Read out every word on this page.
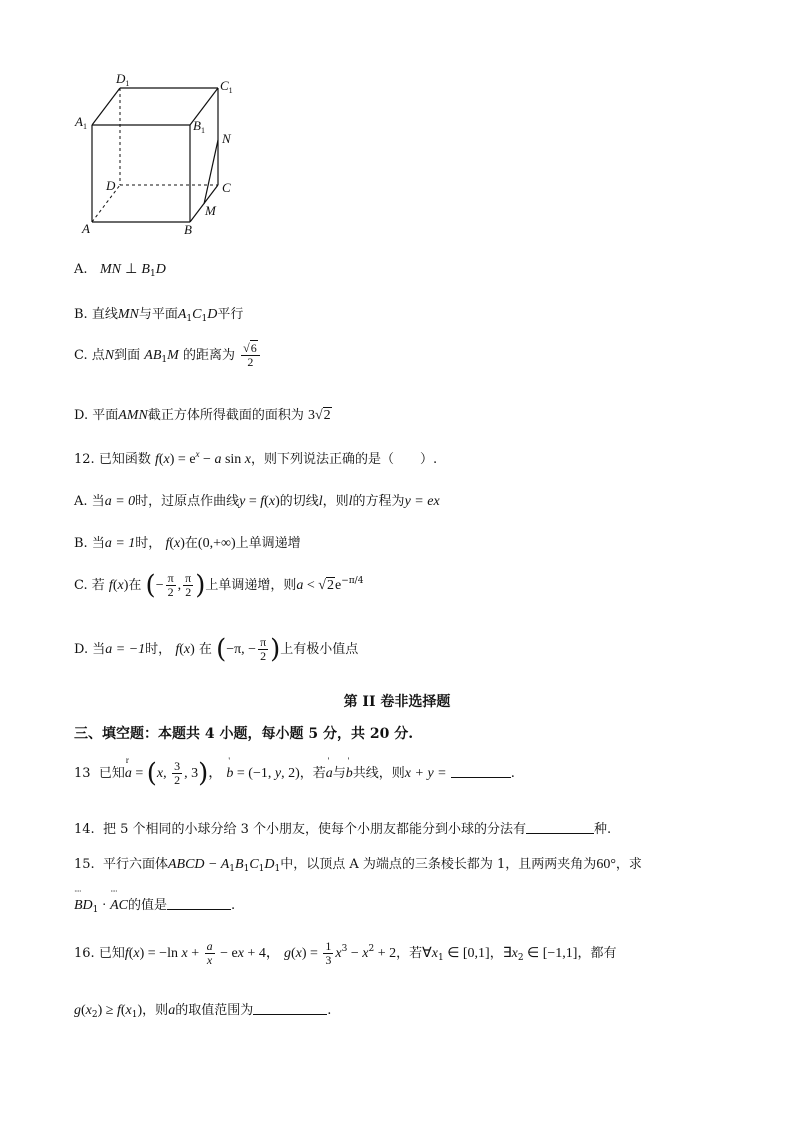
$D_1$	$C_1$
$A_1$	$B_1$
N
D	C
M
A	B
A. MN ⊥ $B_1D$
B. 直线MN与平面$A_1C_1D$平行
C. 点N到面 $AB_1M$ 的距离为 $\frac{√6}{2}$
D. 平面AMN截正方体所得截面的面积为 3√2
12. 已知函数 $f(x) = e^x - a$ sin x，则下列说法正确的是（　　）.
A. 当a = 0时，过原点作曲线y = f(x)的切线l，则l的方程为y = ex
B. 当a = 1时， f(x)在(0,+∞)上单调递增
C. 若 f(x)在 (− $\frac{\pi}{2}$ , $\frac{\pi}{2}$ )上单调递增，则$a < √2e^{-\pi/4}$
D. 当a = −1时， f(x) 在 (−π, − $\frac{\pi}{2}$ )上有极小值点
第 II 卷非选择题
三、填空题：本题共 4 小题，每小题 5 分，共 20 分.
13 已知r a = (x, $\frac{3}{2}$ , 3)， ' b = (−1, y, 2)，若' a与' b共线，则x + y =	.
14. 把 5 个相同的小球分给 3 个小朋友，使每个小朋友都能分到小球的分法有	种.
15. 平行六面体ABCD − $A_1B_1C_1D_1$中，以顶点 A 为端点的三条棱长都为 1，且两两夹角为60°，求
···· $BD_1$ · ···· AC的值是	.
16. 已知f(x) = −ln $x + \frac{a}{x}$ − ex + 4， $g(x) = \frac{1}{3} x^3 - x^2 + 2$，若$\forall x_1$ ∈ [0,1]，$\exists x_2$ ∈ [−1,1]，都有
$g(x_2) \ge f(x_1)$，则a的取值范围为	.
